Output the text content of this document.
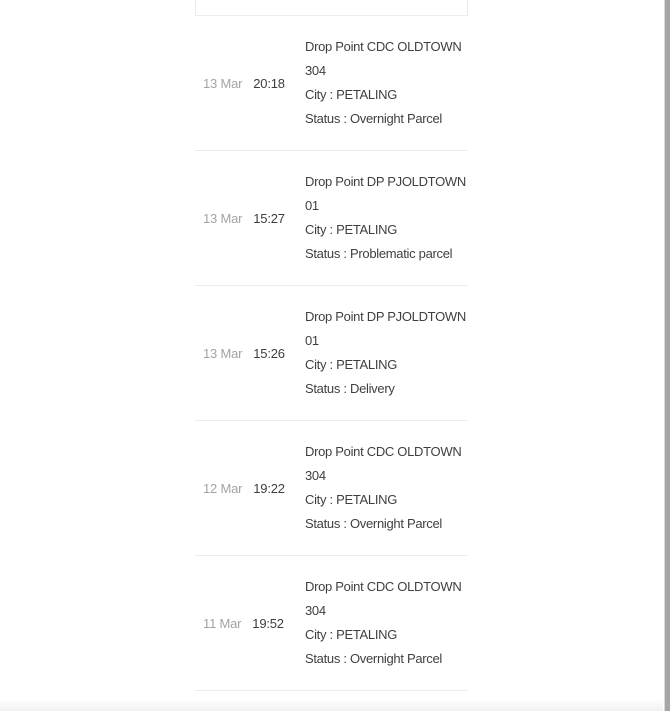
13 Mar 20:18
Drop Point CDC OLDTOWN
304
City : PETALING
Status : Overnight Parcel
13 Mar 15:27
Drop Point DP PJOLDTOWN
01
City : PETALING
Status : Problematic parcel
13 Mar 15:26
Drop Point DP PJOLDTOWN
01
City : PETALING
Status : Delivery
12 Mar 19:22
Drop Point CDC OLDTOWN
304
City : PETALING
Status : Overnight Parcel
11 Mar 19:52
Drop Point CDC OLDTOWN
304
City : PETALING
Status : Overnight Parcel
